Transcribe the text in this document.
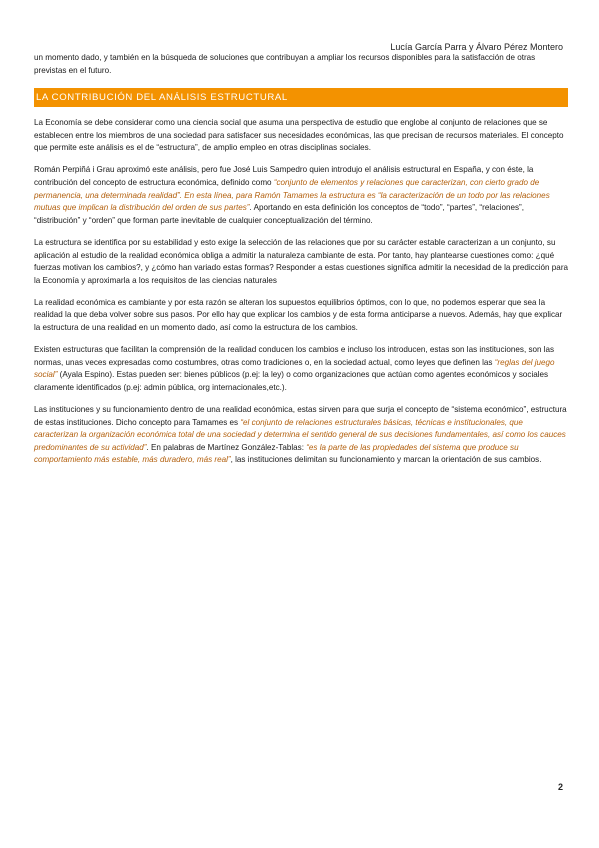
Lucía García Parra y Álvaro Pérez Montero

un momento dado, y también en la búsqueda de soluciones que contribuyan a ampliar los recursos disponibles para la satisfacción de otras previstas en el futuro.

LA CONTRIBUCIÓN DEL ANÁLISIS ESTRUCTURAL

La Economía se debe considerar como una ciencia social que asuma una perspectiva de estudio que englobe al conjunto de relaciones que se establecen entre los miembros de una sociedad para satisfacer sus necesidades económicas, las que precisan de recursos materiales. El concepto que permite este análisis es el de “estructura”, de amplio empleo en otras disciplinas sociales.

Román Perpiñá i Grau aproximó este análisis, pero fue José Luis Sampedro quien introdujo el análisis estructural en España, y con éste, la contribución del concepto de estructura económica, definido como “conjunto de elementos y relaciones que caracterizan, con cierto grado de permanencia, una determinada realidad”. En esta línea, para Ramón Tamames la estructura es “la caracterización de un todo por las relaciones mutuas que implican la distribución del orden de sus partes”. Aportando en esta definición los conceptos de “todo”, “partes”, “relaciones”, “distribución” y “orden” que forman parte inevitable de cualquier conceptualización del término.

La estructura se identifica por su estabilidad y esto exige la selección de las relaciones que por su carácter estable caracterizan a un conjunto, su aplicación al estudio de la realidad económica obliga a admitir la naturaleza cambiante de esta. Por tanto, hay plantearse cuestiones como: ¿qué fuerzas motivan los cambios?, y ¿cómo han variado estas formas? Responder a estas cuestiones significa admitir la necesidad de la predicción para la Economía y aproximarla a los requisitos de las ciencias naturales

La realidad económica es cambiante y por esta razón se alteran los supuestos equilibrios óptimos, con lo que, no podemos esperar que sea la realidad la que deba volver sobre sus pasos. Por ello hay que explicar los cambios y de esta forma anticiparse a nuevos. Además, hay que explicar la estructura de una realidad en un momento dado, así como la estructura de los cambios.

Existen estructuras que facilitan la comprensión de la realidad conducen los cambios e incluso los introducen, estas son las instituciones, son las normas, unas veces expresadas como costumbres, otras como tradiciones o, en la sociedad actual, como leyes que definen las “reglas del juego social” (Ayala Espino). Estas pueden ser: bienes públicos (p.ej: la ley) o como organizaciones que actúan como agentes económicos y sociales claramente identificados (p.ej: admin pública, org internacionales,etc.).

Las instituciones y su funcionamiento dentro de una realidad económica, estas sirven para que surja el concepto de “sistema económico”, estructura de estas instituciones. Dicho concepto para Tamames es “el conjunto de relaciones estructurales básicas, técnicas e institucionales, que caracterizan la organización económica total de una sociedad y determina el sentido general de sus decisiones fundamentales, así como los cauces predominantes de su actividad”. En palabras de Martínez González-Tablas: “es la parte de las propiedades del sistema que produce su comportamiento más estable, más duradero, más real”, las instituciones delimitan su funcionamiento y marcan la orientación de sus cambios.

2
